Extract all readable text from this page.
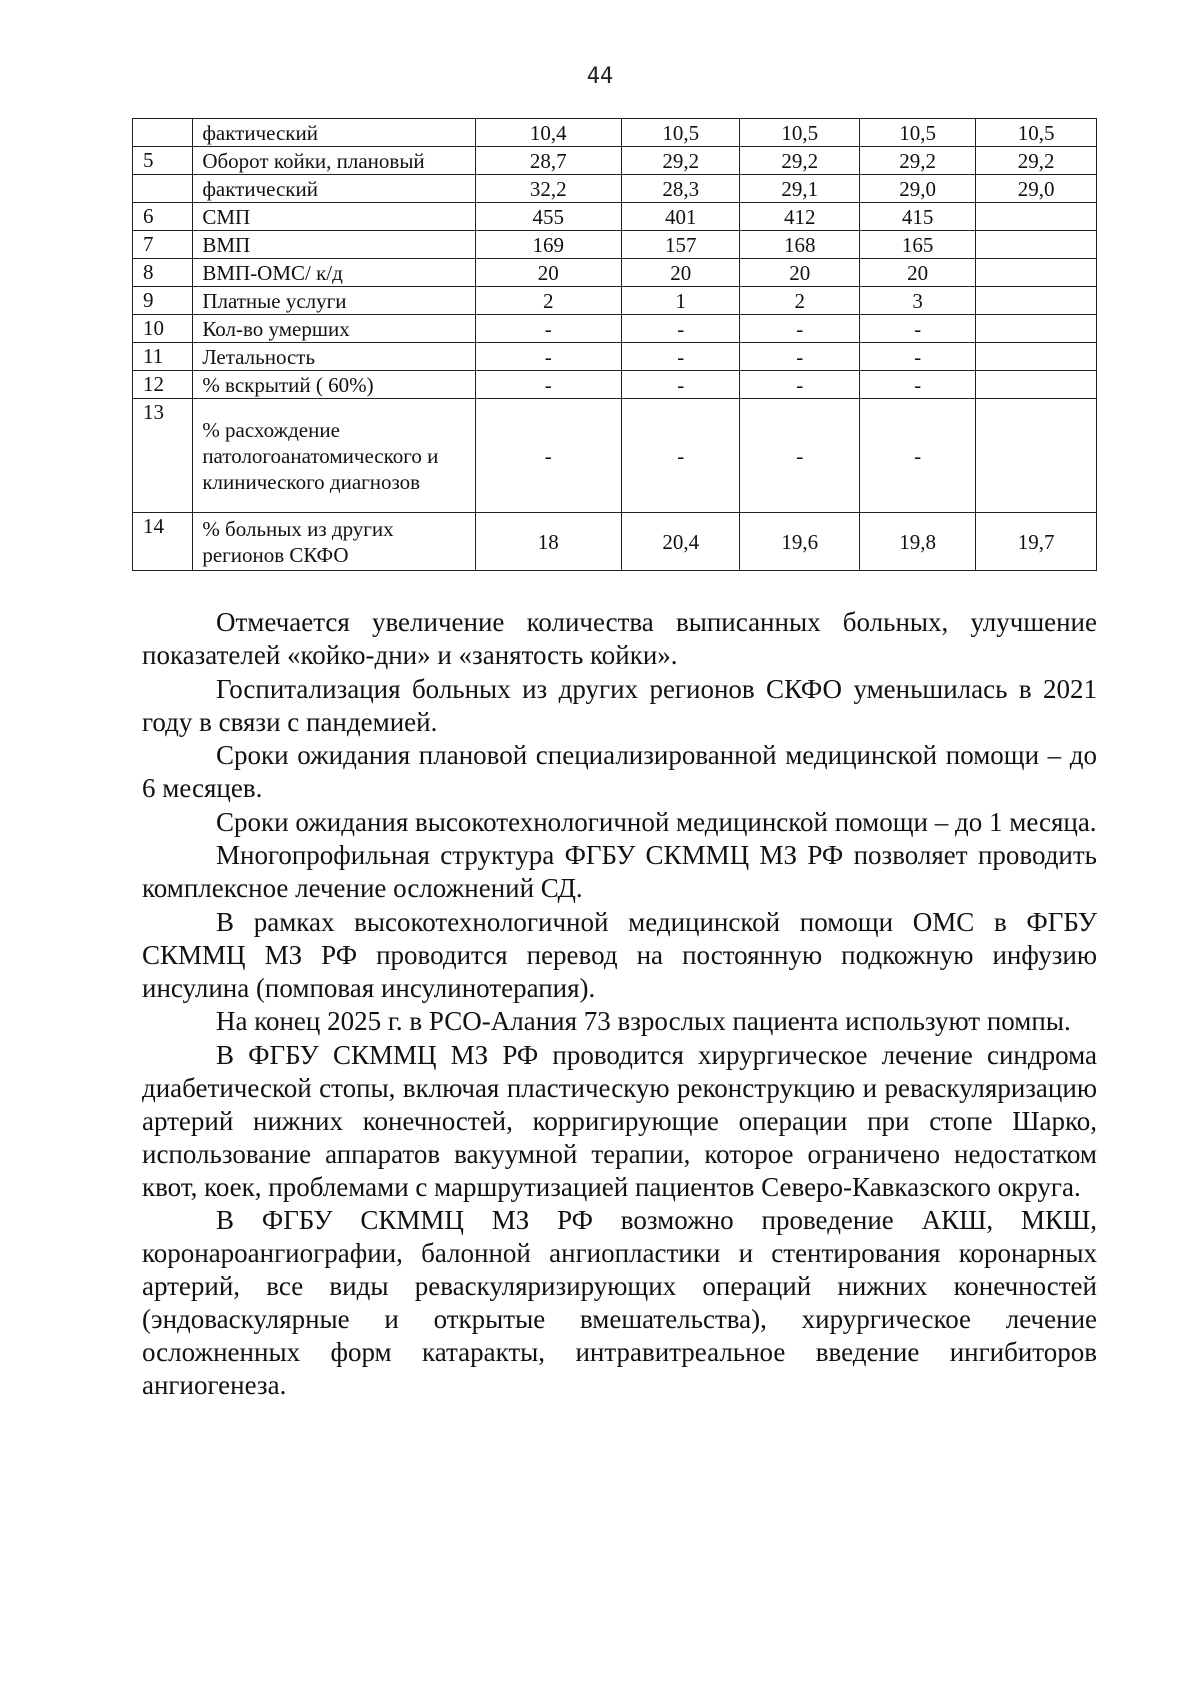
44
	фактический	10,4	10,5	10,5	10,5	10,5
5	Оборот койки, плановый	28,7	29,2	29,2	29,2	29,2
	фактический	32,2	28,3	29,1	29,0	29,0
6	СМП	455	401	412	415	
7	ВМП	169	157	168	165	
8	ВМП-ОМС/ к/д	20	20	20	20	
9	Платные услуги	2	1	2	3	
10	Кол-во умерших	-	-	-	-	
11	Летальность	-	-	-	-	
12	% вскрытий ( 60%)	-	-	-	-	
13	% расхождение патологоанатомического и клинического диагнозов	-	-	-	-	
14	% больных из других регионов СКФО	18	20,4	19,6	19,8	19,7

Отмечается увеличение количества выписанных больных, улучшение показателей «койко-дни» и «занятость койки».

Госпитализация больных из других регионов СКФО уменьшилась в 2021 году в связи с пандемией.

Сроки ожидания плановой специализированной медицинской помощи – до 6 месяцев.

Сроки ожидания высокотехнологичной медицинской помощи – до 1 месяца.

Многопрофильная структура ФГБУ СКММЦ МЗ РФ позволяет проводить комплексное лечение осложнений СД.

В рамках высокотехнологичной медицинской помощи ОМС в ФГБУ СКММЦ МЗ РФ проводится перевод на постоянную подкожную инфузию инсулина (помповая инсулинотерапия).

На конец 2025 г. в РСО-Алания 73 взрослых пациента используют помпы.

В ФГБУ СКММЦ МЗ РФ проводится хирургическое лечение синдрома диабетической стопы, включая пластическую реконструкцию и реваскуляризацию артерий нижних конечностей, корригирующие операции при стопе Шарко, использование аппаратов вакуумной терапии, которое ограничено недостатком квот, коек, проблемами с маршрутизацией пациентов Северо-Кавказского округа.

В ФГБУ СКММЦ МЗ РФ возможно проведение АКШ, МКШ, коронароангиографии, балонной ангиопластики и стентирования коронарных артерий, все виды реваскуляризирующих операций нижних конечностей (эндоваскулярные и открытые вмешательства), хирургическое лечение осложненных форм катаракты, интравитреальное введение ингибиторов ангиогенеза.
